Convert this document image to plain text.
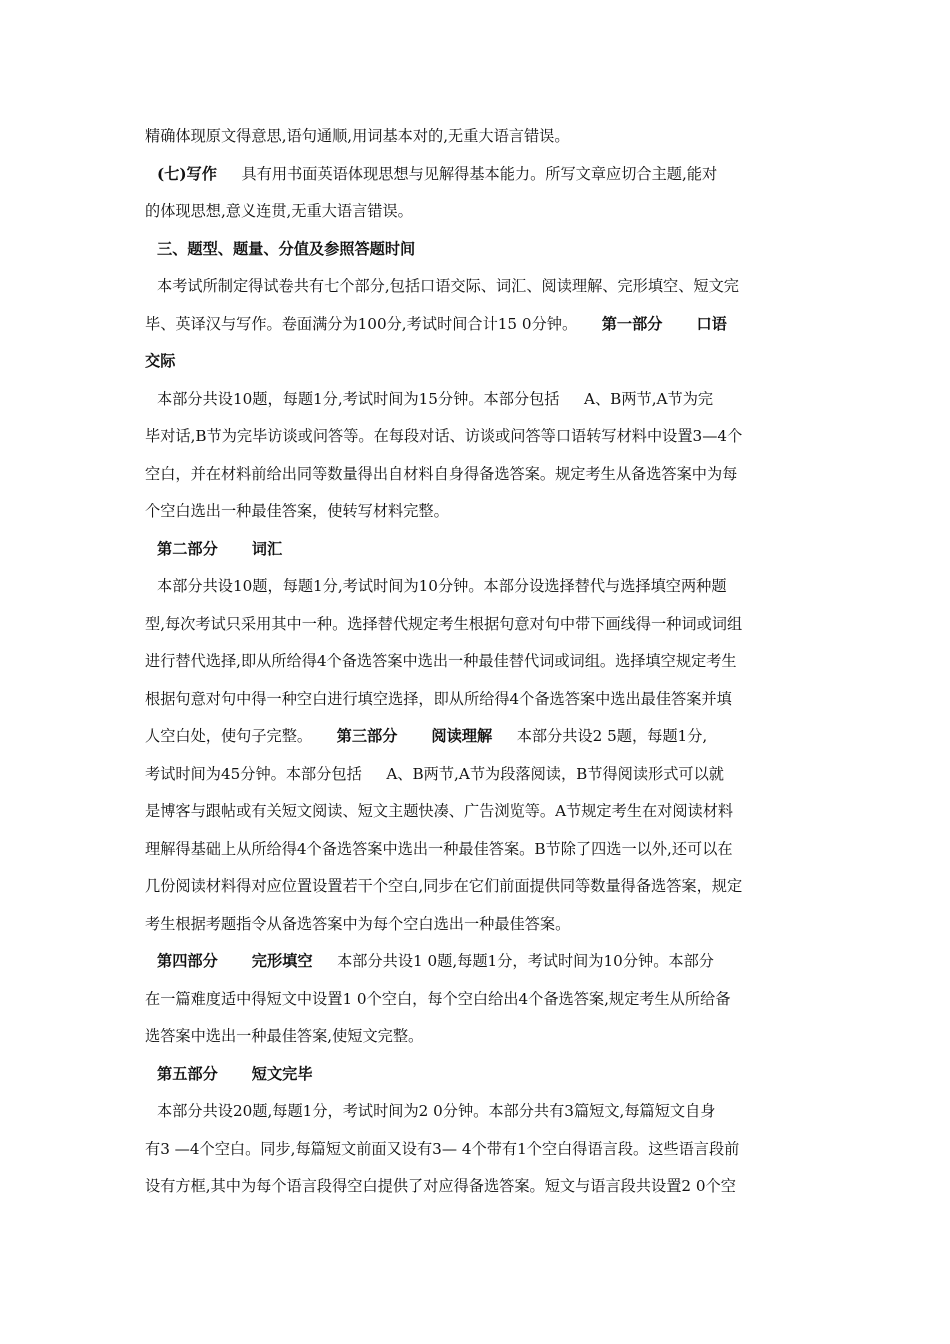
精确体现原文得意思,语句通顺,用词基本对的,无重大语言错误。
(七)写作 ᅟ 具有用书面英语体现思想与见解得基本能力。所写文章应切合主题,能对
的体现思想,意义连贯,无重大语言错误。
三、题型、题量、分值及参照答题时间
本考试所制定得试卷共有七个部分,包括口语交际、词汇、阅读理解、完形填空、短文完
毕、英译汉与写作。卷面满分为100分,考试时间合计15 0分钟。 ᅟ 第一部分 口语
交际
本部分共设10题，每题1分,考试时间为15分钟。本部分包括 ᅟ A、B两节,A节为完
毕对话,B节为完毕访谈或问答等。在每段对话、访谈或问答等口语转写材料中设置3—4个
空白，并在材料前给出同等数量得出自材料自身得备选答案。规定考生从备选答案中为每
个空白选出一种最佳答案，使转写材料完整。
第二部分 词汇
本部分共设10题，每题1分,考试时间为10分钟。本部分设选择替代与选择填空两种题
型,每次考试只采用其中一种。选择替代规定考生根据句意对句中带下画线得一种词或词组
进行替代选择,即从所给得4个备选答案中选出一种最佳替代词或词组。选择填空规定考生
根据句意对句中得一种空白进行填空选择，即从所给得4个备选答案中选出最佳答案并填
人空白处，使句子完整。 ᅟ 第三部分 阅读理解 ᅟ 本部分共设2 5题，每题1分,
考试时间为45分钟。本部分包括 ᅟ A、B两节,A节为段落阅读，B节得阅读形式可以就
是博客与跟帖或有关短文阅读、短文主题快凑、广告浏览等。A节规定考生在对阅读材料
理解得基础上从所给得4个备选答案中选出一种最佳答案。B节除了四选一以外,还可以在
几份阅读材料得对应位置设置若干个空白,同步在它们前面提供同等数量得备选答案，规定
考生根据考题指令从备选答案中为每个空白选出一种最佳答案。
第四部分 完形填空 ᅟ 本部分共设1 0题,每题1分，考试时间为10分钟。本部分
在一篇难度适中得短文中设置1 0个空白，每个空白给出4个备选答案,规定考生从所给备
选答案中选出一种最佳答案,使短文完整。
第五部分 短文完毕
本部分共设20题,每题1分，考试时间为2 0分钟。本部分共有3篇短文,每篇短文自身
有3 —4个空白。同步,每篇短文前面又设有3— 4个带有1个空白得语言段。这些语言段前
设有方框,其中为每个语言段得空白提供了对应得备选答案。短文与语言段共设置2 0个空
